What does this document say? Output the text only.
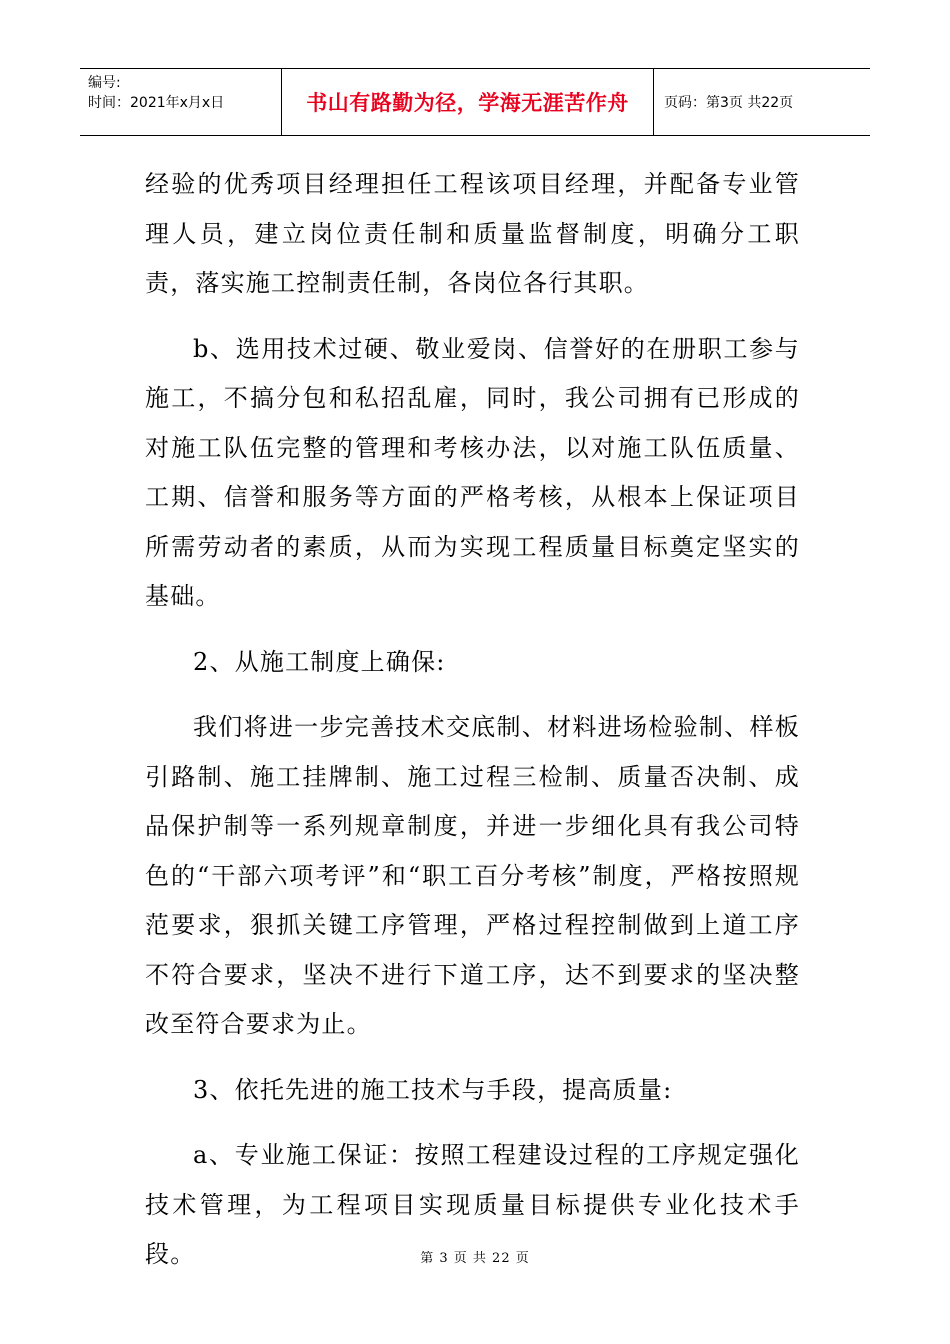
编号:
时间：2021年x月x日	书山有路勤为径，学海无涯苦作舟	页码：第3页 共22页

经验的优秀项目经理担任工程该项目经理，并配备专业管理人员，建立岗位责任制和质量监督制度，明确分工职责，落实施工控制责任制，各岗位各行其职。

b、选用技术过硬、敬业爱岗、信誉好的在册职工参与施工，不搞分包和私招乱雇，同时，我公司拥有已形成的对施工队伍完整的管理和考核办法，以对施工队伍质量、工期、信誉和服务等方面的严格考核，从根本上保证项目所需劳动者的素质，从而为实现工程质量目标奠定坚实的基础。

2、从施工制度上确保:

我们将进一步完善技术交底制、材料进场检验制、样板引路制、施工挂牌制、施工过程三检制、质量否决制、成品保护制等一系列规章制度，并进一步细化具有我公司特色的“干部六项考评”和“职工百分考核”制度，严格按照规范要求，狠抓关键工序管理，严格过程控制做到上道工序不符合要求，坚决不进行下道工序，达不到要求的坚决整改至符合要求为止。

3、依托先进的施工技术与手段，提高质量:

a、专业施工保证：按照工程建设过程的工序规定强化技术管理，为工程项目实现质量目标提供专业化技术手段。	第 3 页 共 22 页
